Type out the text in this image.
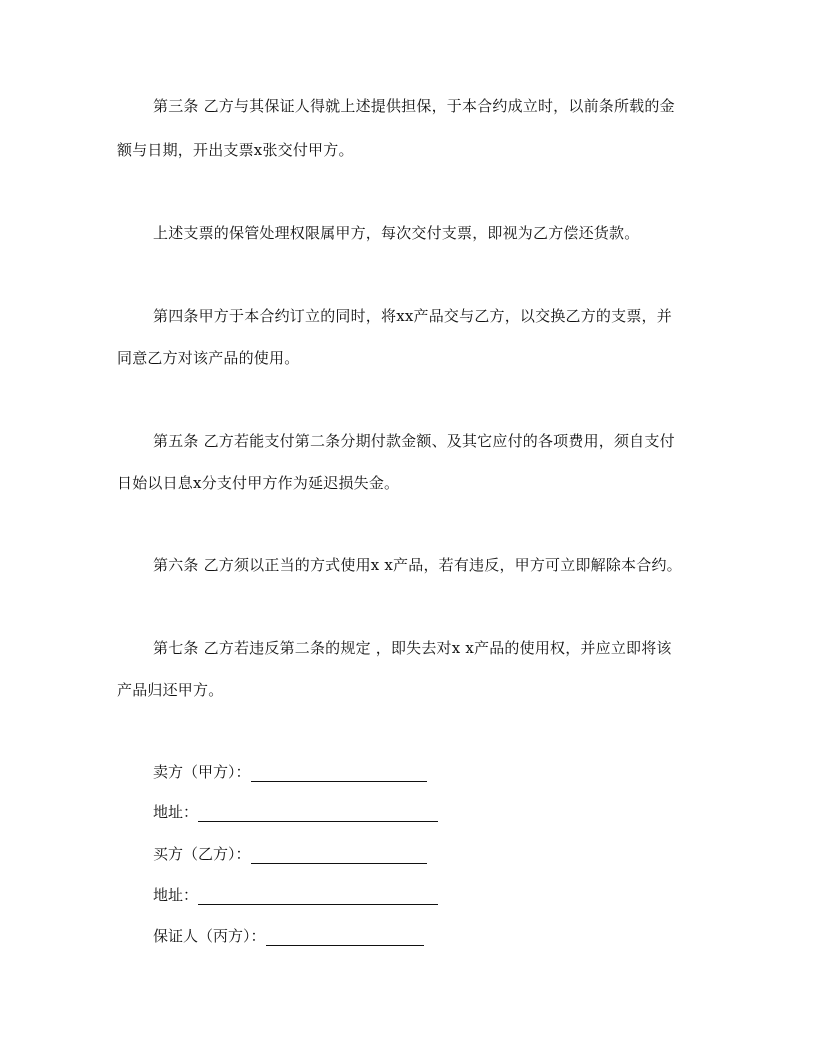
第三条 乙方与其保证人得就上述提供担保，于本合约成立时，以前条所载的金
额与日期，开出支票x张交付甲方。
上述支票的保管处理权限属甲方，每次交付支票，即视为乙方偿还货款。
第四条甲方于本合约订立的同时，将xx产品交与乙方，以交换乙方的支票，并
同意乙方对该产品的使用。
第五条 乙方若能支付第二条分期付款金额、及其它应付的各项费用，须自支付
日始以日息x分支付甲方作为延迟损失金。
第六条 乙方须以正当的方式使用x x产品，若有违反，甲方可立即解除本合约。
第七条 乙方若违反第二条的规定 ，即失去对x x产品的使用权，并应立即将该
产品归还甲方。
卖方（甲方）：
地址：
买方（乙方）：
地址：
保证人（丙方）：
